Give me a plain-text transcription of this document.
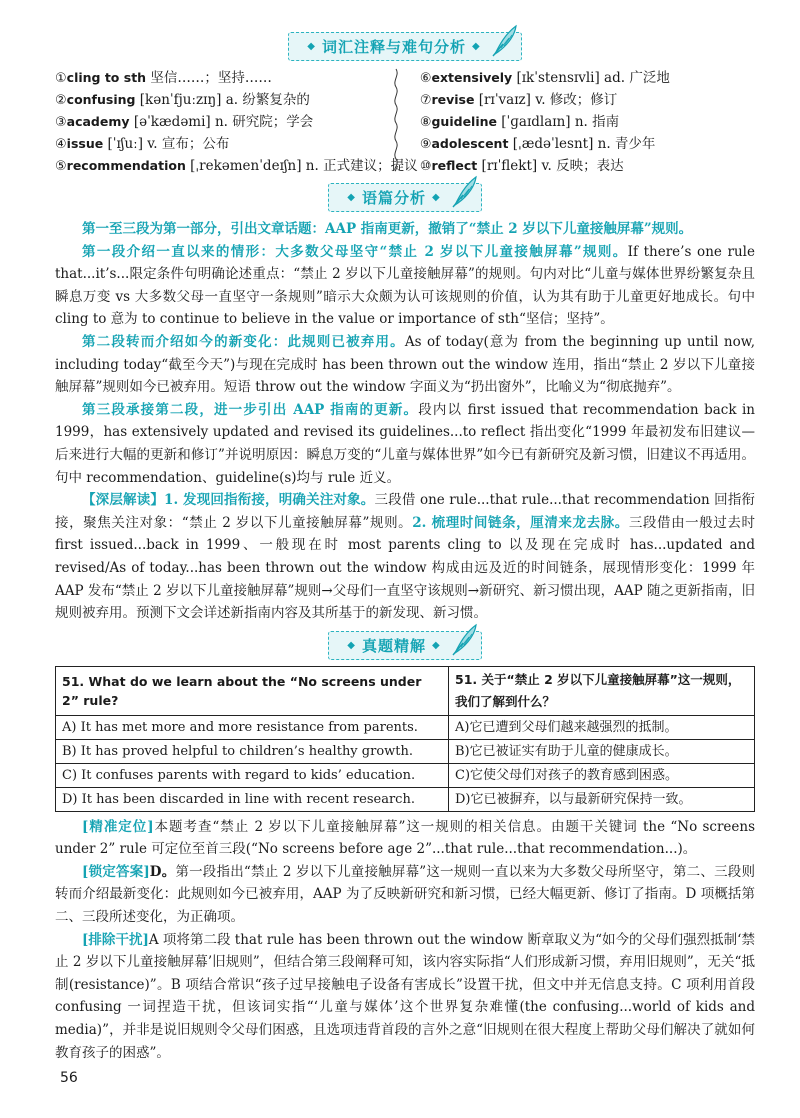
◆ 词汇注释与难句分析 ◆
①cling to sth 坚信……；坚持……
②confusing [kənˈfjuːzɪŋ] a. 纷繁复杂的
③academy [əˈkædəmi] n. 研究院；学会
④issue [ˈɪʃuː] v. 宣布；公布
⑤recommendation [ˌrekəmenˈdeɪʃn] n. 正式建议；提议
⑥extensively [ɪkˈstensɪvli] ad. 广泛地
⑦revise [rɪˈvaɪz] v. 修改；修订
⑧guideline [ˈɡaɪdlaɪn] n. 指南
⑨adolescent [ˌædəˈlesnt] n. 青少年
⑩reflect [rɪˈflekt] v. 反映；表达
◆ 语篇分析 ◆

第一至三段为第一部分，引出文章话题：AAP 指南更新，撤销了“禁止 2 岁以下儿童接触屏幕”规则。

第一段介绍一直以来的情形：大多数父母坚守“禁止 2 岁以下儿童接触屏幕”规则。If there’s one rule that...it’s...限定条件句明确论述重点：“禁止 2 岁以下儿童接触屏幕”的规则。句内对比“儿童与媒体世界纷繁复杂且瞬息万变 vs 大多数父母一直坚守一条规则”暗示大众颇为认可该规则的价值，认为其有助于儿童更好地成长。句中 cling to 意为 to continue to believe in the value or importance of sth“坚信；坚持”。

第二段转而介绍如今的新变化：此规则已被弃用。As of today(意为 from the beginning up until now, including today“截至今天”)与现在完成时 has been thrown out the window 连用，指出“禁止 2 岁以下儿童接触屏幕”规则如今已被弃用。短语 throw out the window 字面义为“扔出窗外”，比喻义为“彻底抛弃”。

第三段承接第二段，进一步引出 AAP 指南的更新。段内以 first issued that recommendation back in 1999，has extensively updated and revised its guidelines...to reflect 指出变化“1999 年最初发布旧建议—后来进行大幅的更新和修订”并说明原因：瞬息万变的“儿童与媒体世界”如今已有新研究及新习惯，旧建议不再适用。句中 recommendation、guideline(s)均与 rule 近义。

【深层解读】1. 发现回指衔接，明确关注对象。三段借 one rule...that rule...that recommendation 回指衔接，聚焦关注对象：“禁止 2 岁以下儿童接触屏幕”规则。2. 梳理时间链条，厘清来龙去脉。三段借由一般过去时 first issued...back in 1999、一般现在时 most parents cling to 以及现在完成时 has...updated and revised/As of today...has been thrown out the window 构成由远及近的时间链条，展现情形变化：1999 年 AAP 发布“禁止 2 岁以下儿童接触屏幕”规则→父母们一直坚守该规则→新研究、新习惯出现，AAP 随之更新指南，旧规则被弃用。预测下文会详述新指南内容及其所基于的新发现、新习惯。

◆ 真题精解 ◆
51. What do we learn about the “No screens under 2” rule?	51. 关于“禁止 2 岁以下儿童接触屏幕”这一规则，我们了解到什么？
A) It has met more and more resistance from parents.	A)它已遭到父母们越来越强烈的抵制。
B) It has proved helpful to children’s healthy growth.	B)它已被证实有助于儿童的健康成长。
C) It confuses parents with regard to kids’ education.	C)它使父母们对孩子的教育感到困惑。
D) It has been discarded in line with recent research.	D)它已被摒弃，以与最新研究保持一致。

[精准定位]本题考查“禁止 2 岁以下儿童接触屏幕”这一规则的相关信息。由题干关键词 the “No screens under 2” rule 可定位至首三段(“No screens before age 2”...that rule...that recommendation...)。

[锁定答案]D。第一段指出“禁止 2 岁以下儿童接触屏幕”这一规则一直以来为大多数父母所坚守，第二、三段则转而介绍最新变化：此规则如今已被弃用，AAP 为了反映新研究和新习惯，已经大幅更新、修订了指南。D 项概括第二、三段所述变化，为正确项。

[排除干扰]A 项将第二段 that rule has been thrown out the window 断章取义为“如今的父母们强烈抵制‘禁止 2 岁以下儿童接触屏幕’旧规则”，但结合第三段阐释可知，该内容实际指“人们形成新习惯，弃用旧规则”，无关“抵制(resistance)”。B 项结合常识“孩子过早接触电子设备有害成长”设置干扰，但文中并无信息支持。C 项利用首段 confusing 一词捏造干扰，但该词实指“‘儿童与媒体’这个世界复杂难懂(the confusing...world of kids and media)”，并非是说旧规则令父母们困惑，且选项违背首段的言外之意“旧规则在很大程度上帮助父母们解决了就如何教育孩子的困惑”。

56
